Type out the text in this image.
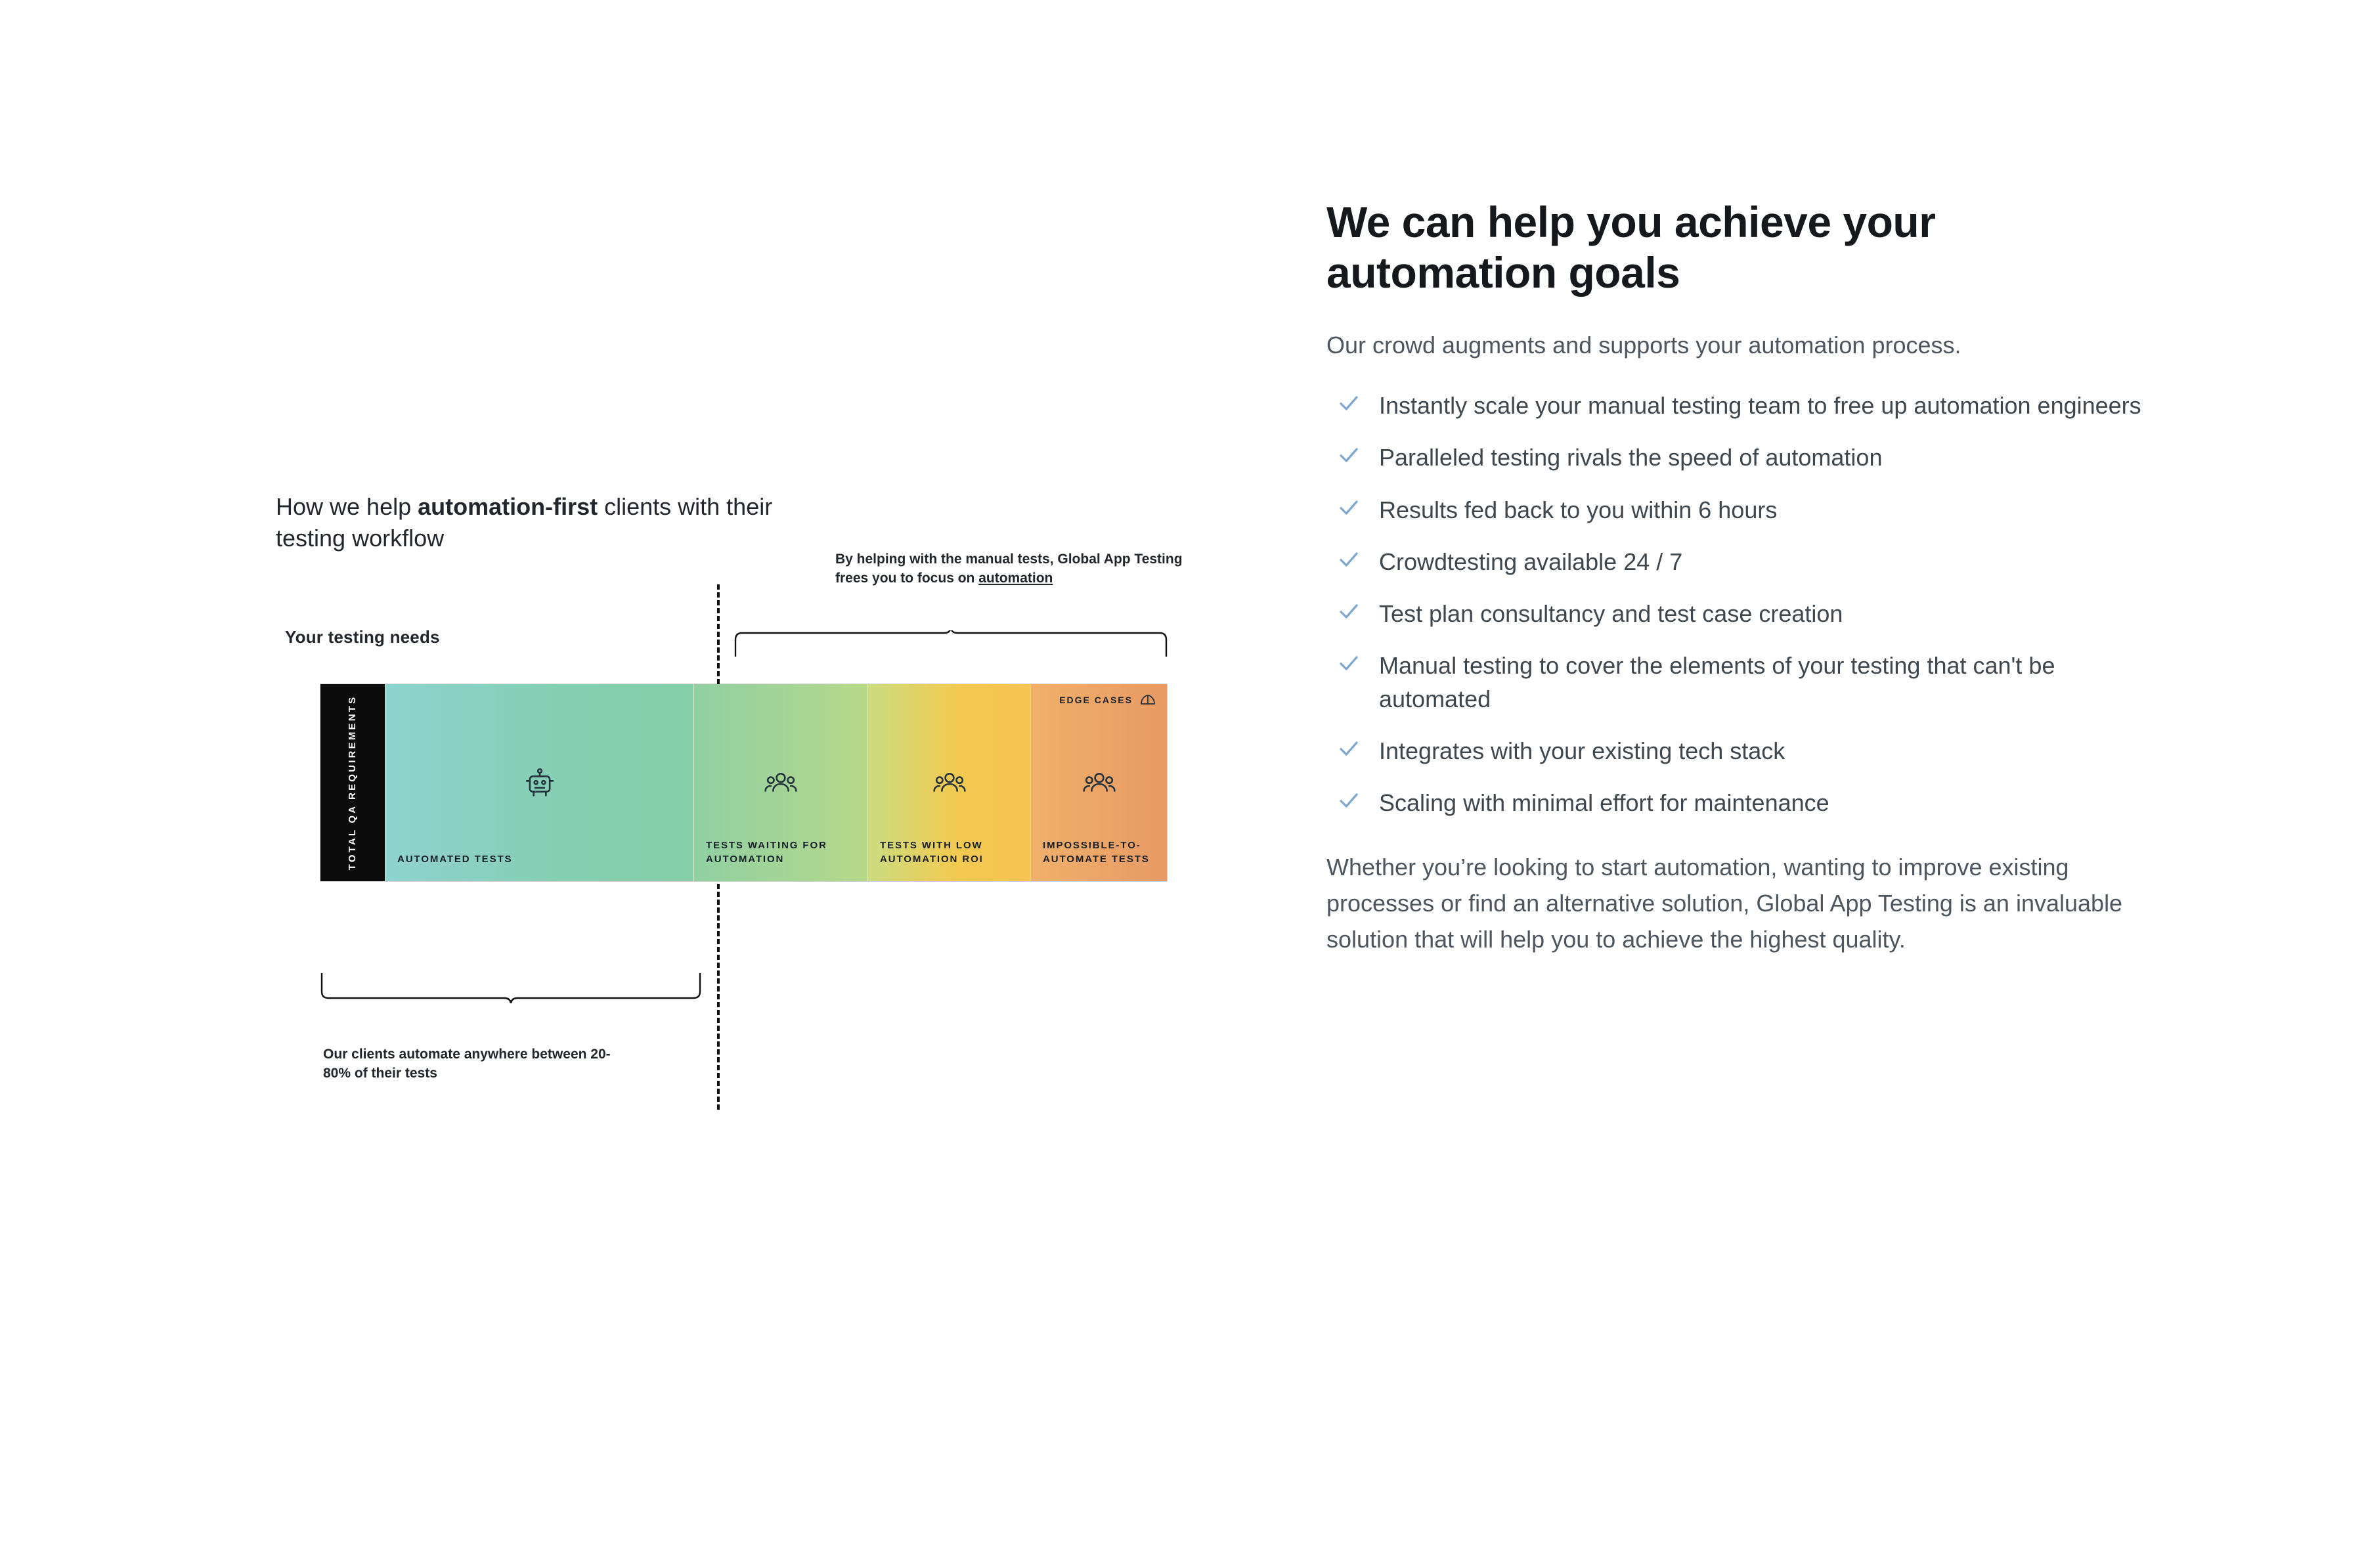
How we help automation-first clients with their testing workflow
Your testing needs
By helping with the manual tests, Global App Testing frees you to focus on automation
Our clients automate anywhere between 20-80% of their tests
TOTAL QA REQUIREMENTS	AUTOMATED TESTS
TESTS WAITING FOR AUTOMATION
TESTS WITH LOW AUTOMATION ROI
EDGE CASES
IMPOSSIBLE-TO-AUTOMATE TESTS
We can help you achieve your automation goals

Our crowd augments and supports your automation process.

Instantly scale your manual testing team to free up automation engineers
Paralleled testing rivals the speed of automation
Results fed back to you within 6 hours
Crowdtesting available 24 / 7
Test plan consultancy and test case creation
Manual testing to cover the elements of your testing that can't be automated
Integrates with your existing tech stack
Scaling with minimal effort for maintenance

Whether you’re looking to start automation, wanting to improve existing processes or find an alternative solution, Global App Testing is an invaluable solution that will help you to achieve the highest quality.
